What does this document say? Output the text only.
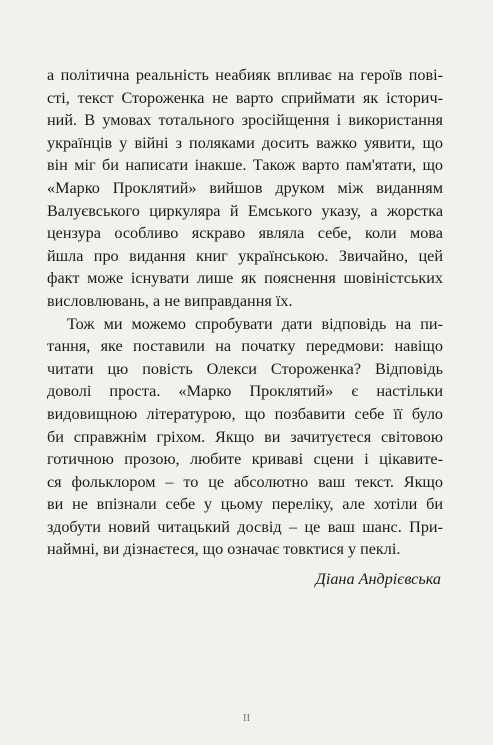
а політична реальність неабияк впливає на героїв пові-
сті, текст Стороженка не варто сприймати як історич-
ний. В умовах тотального зросійщення і використання
українців у війні з поляками досить важко уявити, що
він міг би написати інакше. Також варто пам'ятати, що
«Марко Проклятий» вийшов друком між виданням
Валуєвського циркуляра й Емського указу, а жорстка
цензура особливо яскраво являла себе, коли мова
йшла про видання книг українською. Звичайно, цей
факт може існувати лише як пояснення шовіністських
висловлювань, а не виправдання їх.
Тож ми можемо спробувати дати відповідь на пи-
тання, яке поставили на початку передмови: навіщо
читати цю повість Олекси Стороженка? Відповідь
доволі проста. «Марко Проклятий» є настільки
видовищною літературою, що позбавити себе її було
би справжнім гріхом. Якщо ви зачитуєтеся світовою
готичною прозою, любите криваві сцени і цікавите-
ся фольклором – то це абсолютно ваш текст. Якщо
ви не впізнали себе у цьому переліку, але хотіли би
здобути новий читацький досвід – це ваш шанс. При-
наймні, ви дізнаєтеся, що означає товктися у пеклі.
Діана Андрієвська
II
